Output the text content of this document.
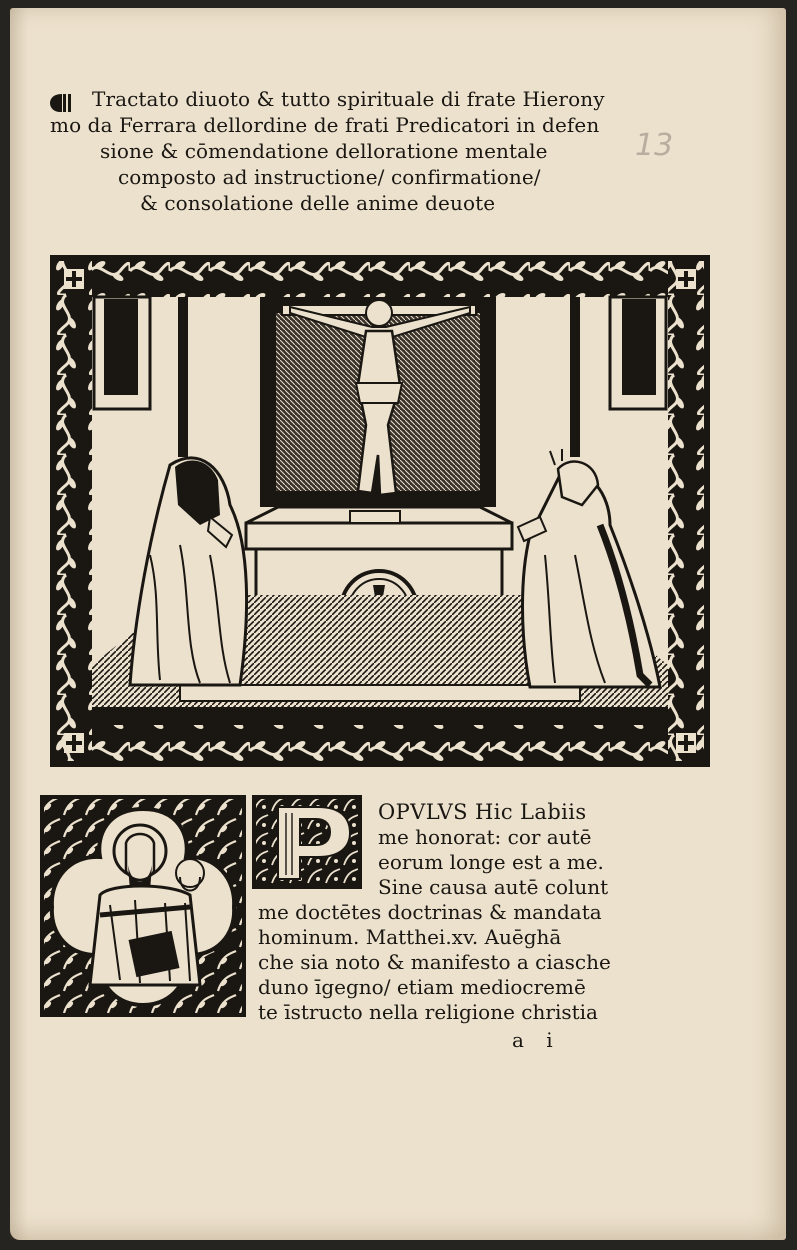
Tractato diuoto & tutto spirituale di frate Hierony
mo da Ferrara dellordine de frati Predicatori in defen
sione & cōmendatione delloratione mentale
composto ad instructione/ confirmatione/
& consolatione delle anime deuote
13
OPVLVS Hic Labiis
me honorat: cor autē
eorum longe est a me.
Sine causa autē colunt
me doctētes doctrinas & mandata
hominum. Matthei.xv. Auēghā
che sia noto & manifesto a ciasche
duno īgegno/ etiam mediocremē
te īstructo nella religione christia
a i
